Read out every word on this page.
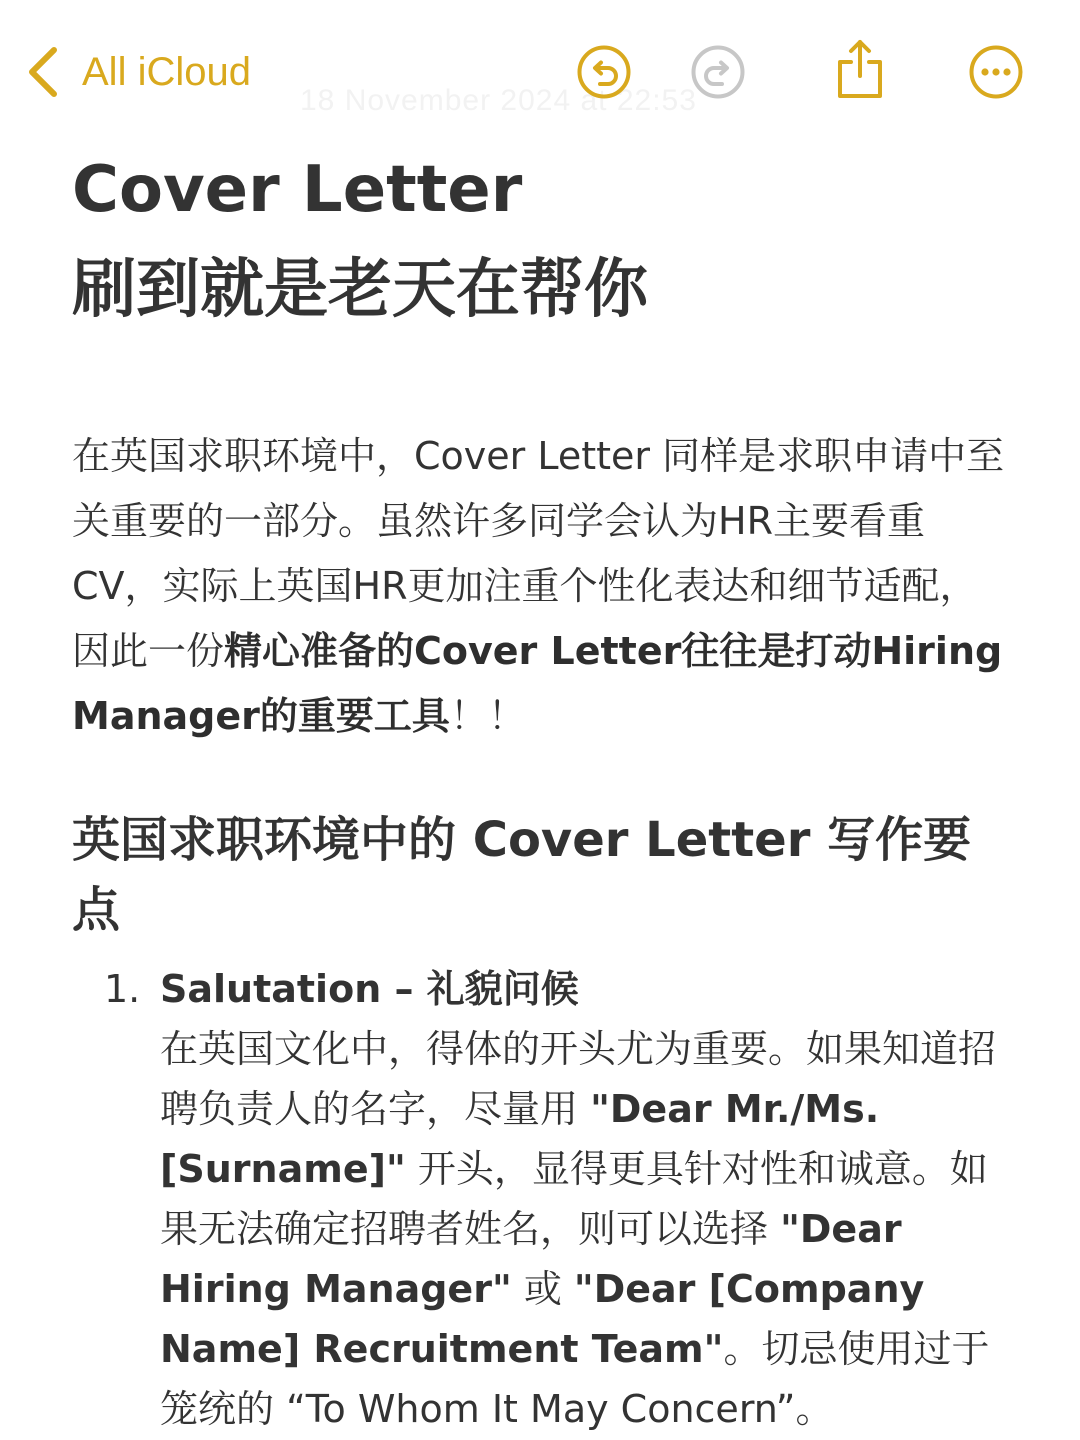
All iCloud
18 November 2024 at 22:53
Cover Letter
刷到就是老天在帮你

在英国求职环境中，Cover Letter 同样是求职申请中至关重要的一部分。虽然许多同学会认为HR主要看重CV，实际上英国HR更加注重个性化表达和细节适配，因此一份精心准备的Cover Letter往往是打动Hiring Manager的重要工具！！

英国求职环境中的 Cover Letter 写作要点
1. Salutation – 礼貌问候
在英国文化中，得体的开头尤为重要。如果知道招聘负责人的名字，尽量用 "Dear Mr./Ms. [Surname]" 开头，显得更具针对性和诚意。如果无法确定招聘者姓名，则可以选择 "Dear Hiring Manager" 或 "Dear [Company Name] Recruitment Team"。切忌使用过于笼统的 “To Whom It May Concern”。
